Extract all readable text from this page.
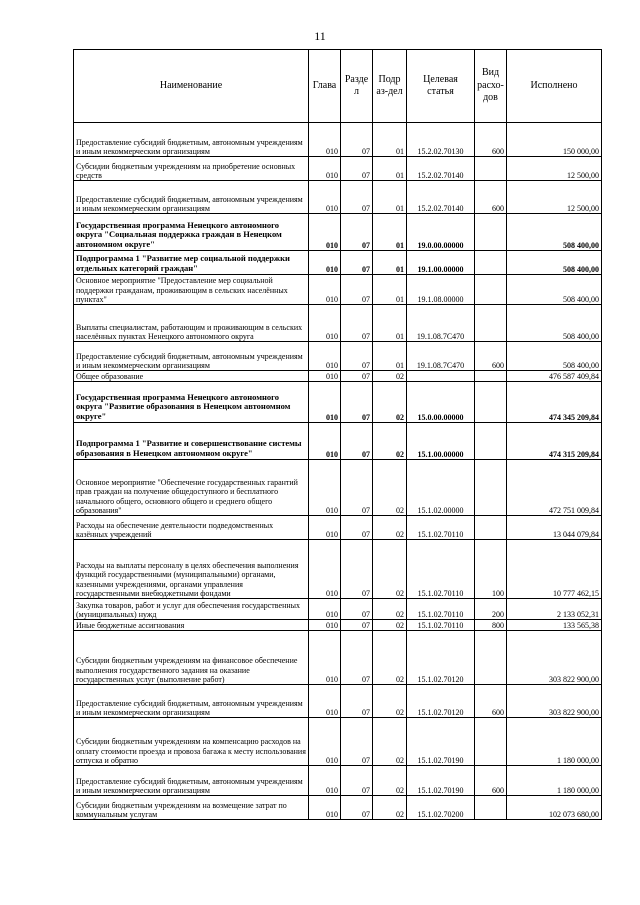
11
Наименование	Глава	Разде л	Подр аз-дел	Целевая статья	Вид расхо-дов	Исполнено
Предоставление субсидий бюджетным, автономным учреждениям и иным некоммерческим организациям	010	07	01	15.2.02.70130	600	150 000,00
Субсидии бюджетным учреждениям на приобретение основных средств	010	07	01	15.2.02.70140		12 500,00
Предоставление субсидий бюджетным, автономным учреждениям и иным некоммерческим организациям	010	07	01	15.2.02.70140	600	12 500,00
Государственная программа Ненецкого автономного округа "Социальная поддержка граждан в Ненецком автономном округе"	010	07	01	19.0.00.00000		508 400,00
Подпрограмма 1 "Развитие мер социальной поддержки отдельных категорий граждан"	010	07	01	19.1.00.00000		508 400,00
Основное мероприятие "Предоставление мер социальной поддержки гражданам, проживающим в сельских населённых пунктах"	010	07	01	19.1.08.00000		508 400,00
Выплаты специалистам, работающим и проживающим в сельских населённых пунктах Ненецкого автономного округа	010	07	01	19.1.08.7С470		508 400,00
Предоставление субсидий бюджетным, автономным учреждениям и иным некоммерческим организациям	010	07	01	19.1.08.7С470	600	508 400,00
Общее образование	010	07	02			476 587 409,84
Государственная программа Ненецкого автономного округа "Развитие образования в Ненецком автономном округе"	010	07	02	15.0.00.00000		474 345 209,84
Подпрограмма 1 "Развитие и совершенствование системы образования в Ненецком автономном округе"	010	07	02	15.1.00.00000		474 315 209,84
Основное мероприятие "Обеспечение государственных гарантий прав граждан на получение общедоступного и бесплатного начального общего, основного общего и среднего общего образования"	010	07	02	15.1.02.00000		472 751 009,84
Расходы на обеспечение деятельности подведомственных казённых учреждений	010	07	02	15.1.02.70110		13 044 079,84
Расходы на выплаты персоналу в целях обеспечения выполнения функций государственными (муниципальными) органами, казенными учреждениями, органами управления государственными внебюджетными фондами	010	07	02	15.1.02.70110	100	10 777 462,15
Закупка товаров, работ и услуг для обеспечения государственных (муниципальных) нужд	010	07	02	15.1.02.70110	200	2 133 052,31
Иные бюджетные ассигнования	010	07	02	15.1.02.70110	800	133 565,38
Субсидии бюджетным учреждениям на финансовое обеспечение выполнения государственного задания на оказание государственных услуг (выполнение работ)	010	07	02	15.1.02.70120		303 822 900,00
Предоставление субсидий бюджетным, автономным учреждениям и иным некоммерческим организациям	010	07	02	15.1.02.70120	600	303 822 900,00
Субсидии бюджетным учреждениям на компенсацию расходов на оплату стоимости проезда и провоза багажа к месту использования отпуска и обратно	010	07	02	15.1.02.70190		1 180 000,00
Предоставление субсидий бюджетным, автономным учреждениям и иным некоммерческим организациям	010	07	02	15.1.02.70190	600	1 180 000,00
Субсидии бюджетным учреждениям на возмещение затрат по коммунальным услугам	010	07	02	15.1.02.70200		102 073 680,00
